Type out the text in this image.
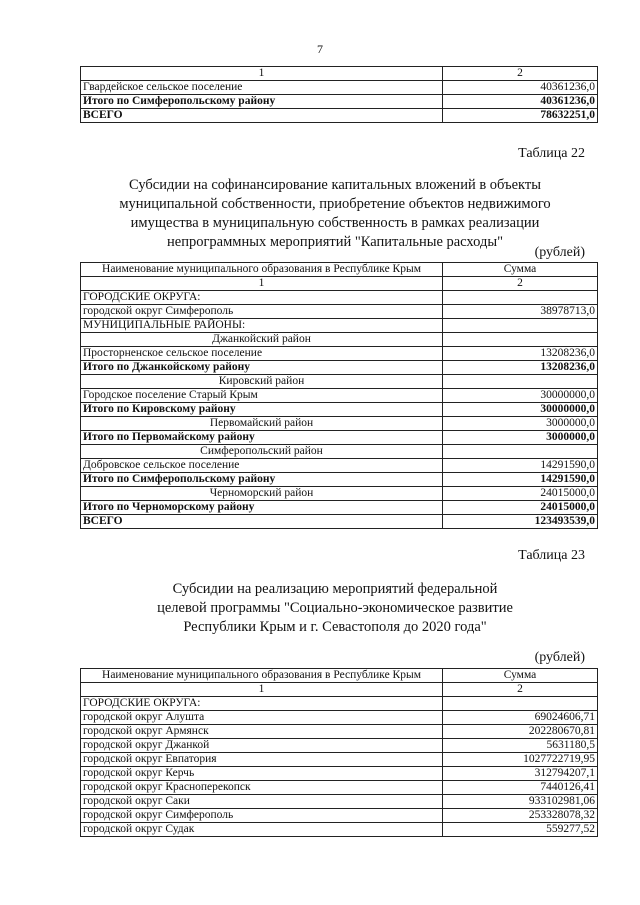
7
1	2
Гвардейское сельское поселение	40361236,0
Итого по Симферопольскому району	40361236,0
ВСЕГО	78632251,0
Таблица 22
Субсидии на софинансирование капитальных вложений в объекты
муниципальной собственности, приобретение объектов недвижимого
имущества в муниципальную собственность в рамках реализации
непрограммных мероприятий "Капитальные расходы"
(рублей)
Наименование муниципального образования в Республике Крым	Сумма
1	2
ГОРОДСКИЕ ОКРУГА:	
городской округ Симферополь	38978713,0
МУНИЦИПАЛЬНЫЕ РАЙОНЫ:	
Джанкойский район	
Просторненское сельское поселение	13208236,0
Итого по Джанкойскому району	13208236,0
Кировский район	
Городское поселение Старый Крым	30000000,0
Итого по Кировскому району	30000000,0
Первомайский район	3000000,0
Итого по Первомайскому району	3000000,0
Симферопольский район	
Добровское сельское поселение	14291590,0
Итого по Симферопольскому району	14291590,0
Черноморский район	24015000,0
Итого по Черноморскому району	24015000,0
ВСЕГО	123493539,0
Таблица 23
Субсидии на реализацию мероприятий федеральной
целевой программы "Социально-экономическое развитие
Республики Крым и г. Севастополя до 2020 года"
(рублей)
Наименование муниципального образования в Республике Крым	Сумма
1	2
ГОРОДСКИЕ ОКРУГА:	
городской округ Алушта	69024606,71
городской округ Армянск	202280670,81
городской округ Джанкой	5631180,5
городской округ Евпатория	1027722719,95
городской округ Керчь	312794207,1
городской округ Красноперекопск	7440126,41
городской округ Саки	933102981,06
городской округ Симферополь	253328078,32
городской округ Судак	559277,52
